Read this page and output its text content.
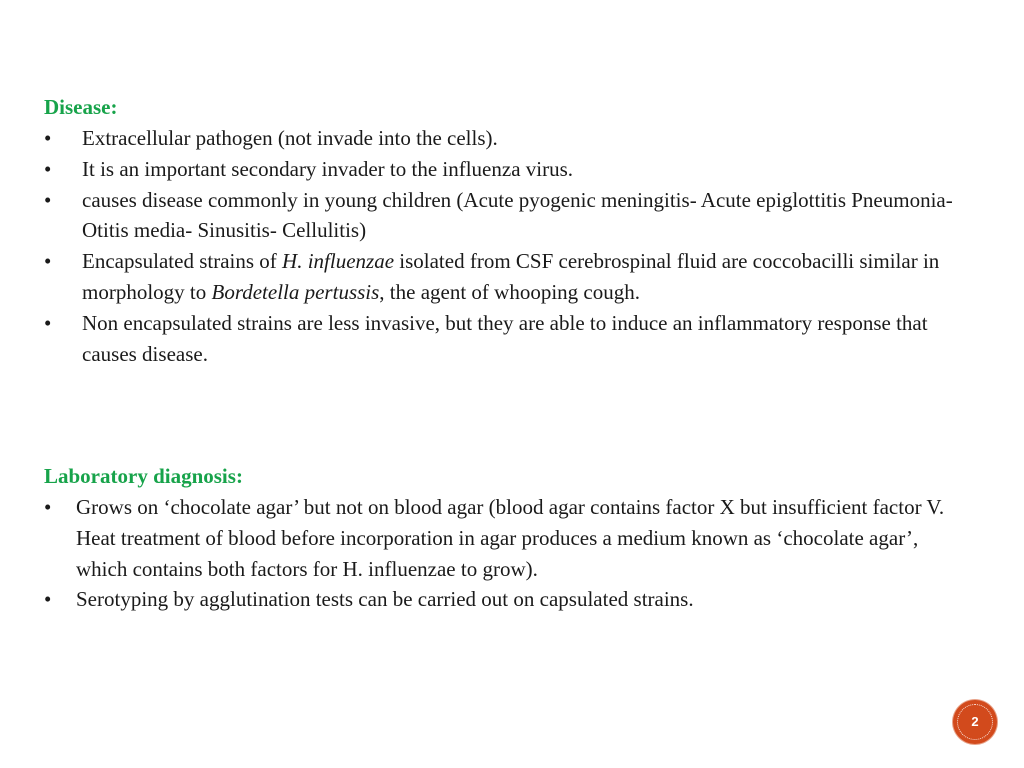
Disease:
• Extracellular pathogen (not invade into the cells).
• It is an important secondary invader to the influenza virus.
• causes disease commonly in young children (Acute pyogenic meningitis- Acute epiglottitis Pneumonia- Otitis media- Sinusitis- Cellulitis)
• Encapsulated strains of H. influenzae isolated from CSF cerebrospinal fluid are coccobacilli similar in morphology to Bordetella pertussis, the agent of whooping cough.
• Non encapsulated strains are less invasive, but they are able to induce an inflammatory response that causes disease.
Laboratory diagnosis:
• Grows on ‘chocolate agar’ but not on blood agar (blood agar contains factor X but insufficient factor V. Heat treatment of blood before incorporation in agar produces a medium known as ‘chocolate agar’, which contains both factors for H. influenzae to grow).
• Serotyping by agglutination tests can be carried out on capsulated strains.
2
